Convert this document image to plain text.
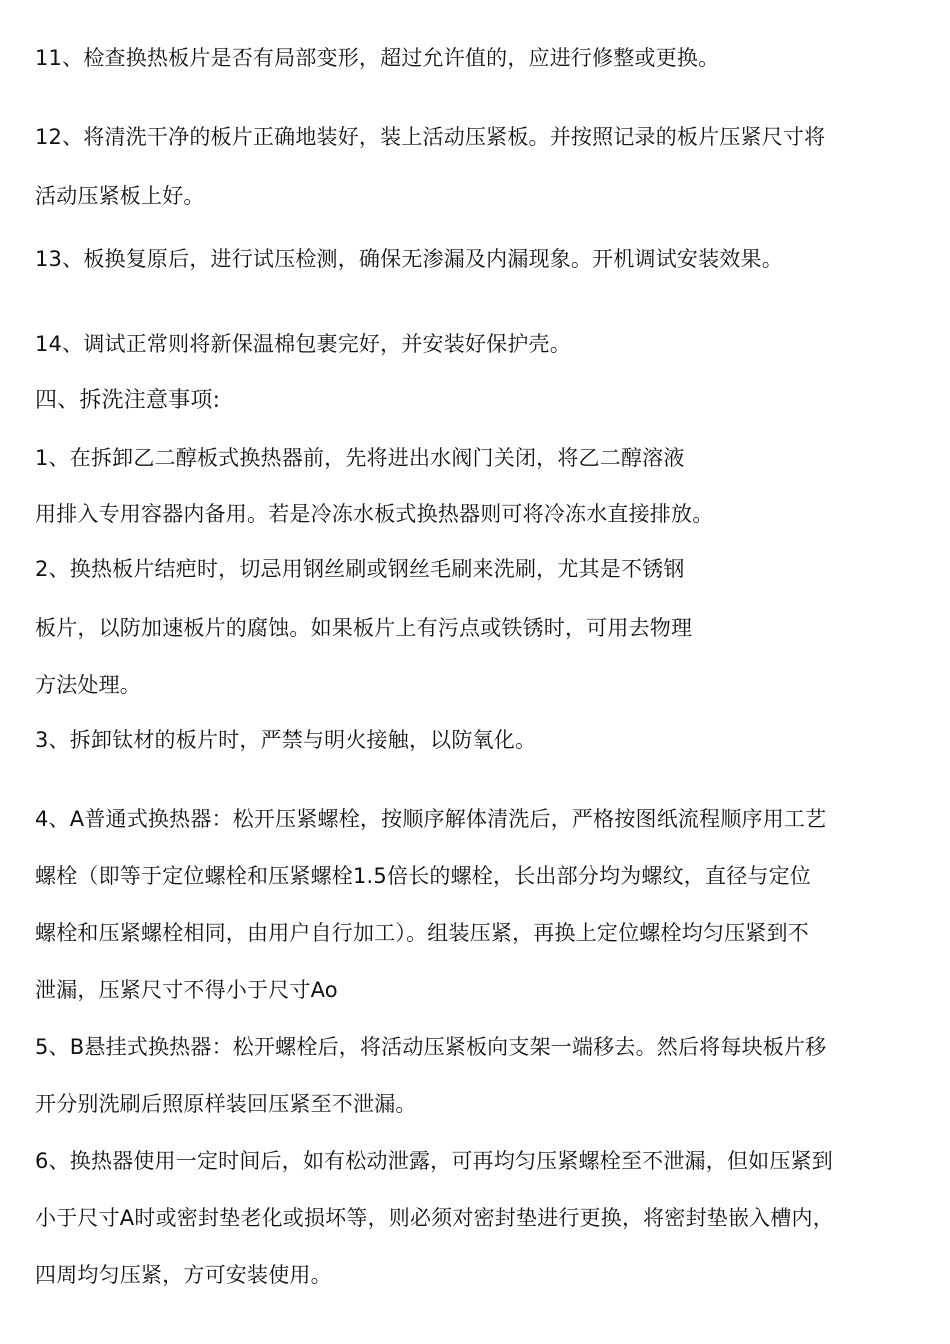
11、检查换热板片是否有局部变形，超过允许值的，应进行修整或更换。
12、将清洗干净的板片正确地装好，装上活动压紧板。并按照记录的板片压紧尺寸将
活动压紧板上好。
13、板换复原后，进行试压检测，确保无渗漏及内漏现象。开机调试安装效果。
14、调试正常则将新保温棉包裹完好，并安装好保护壳。
四、拆洗注意事项:
1、在拆卸乙二醇板式换热器前，先将进出水阀门关闭，将乙二醇溶液
用排入专用容器内备用。若是冷冻水板式换热器则可将冷冻水直接排放。
2、换热板片结疤时，切忌用钢丝刷或钢丝毛刷来洗刷，尤其是不锈钢
板片，以防加速板片的腐蚀。如果板片上有污点或铁锈时，可用去物理
方法处理。
3、拆卸钛材的板片时，严禁与明火接触，以防氧化。
4、A普通式换热器：松开压紧螺栓，按顺序解体清洗后，严格按图纸流程顺序用工艺
螺栓（即等于定位螺栓和压紧螺栓1.5倍长的螺栓，长出部分均为螺纹，直径与定位
螺栓和压紧螺栓相同，由用户自行加工）。组装压紧，再换上定位螺栓均匀压紧到不
泄漏，压紧尺寸不得小于尺寸Ao
5、B悬挂式换热器：松开螺栓后，将活动压紧板向支架一端移去。然后将每块板片移
开分别洗刷后照原样装回压紧至不泄漏。
6、换热器使用一定时间后，如有松动泄露，可再均匀压紧螺栓至不泄漏，但如压紧到
小于尺寸A时或密封垫老化或损坏等，则必须对密封垫进行更换，将密封垫嵌入槽内，
四周均匀压紧，方可安装使用。
